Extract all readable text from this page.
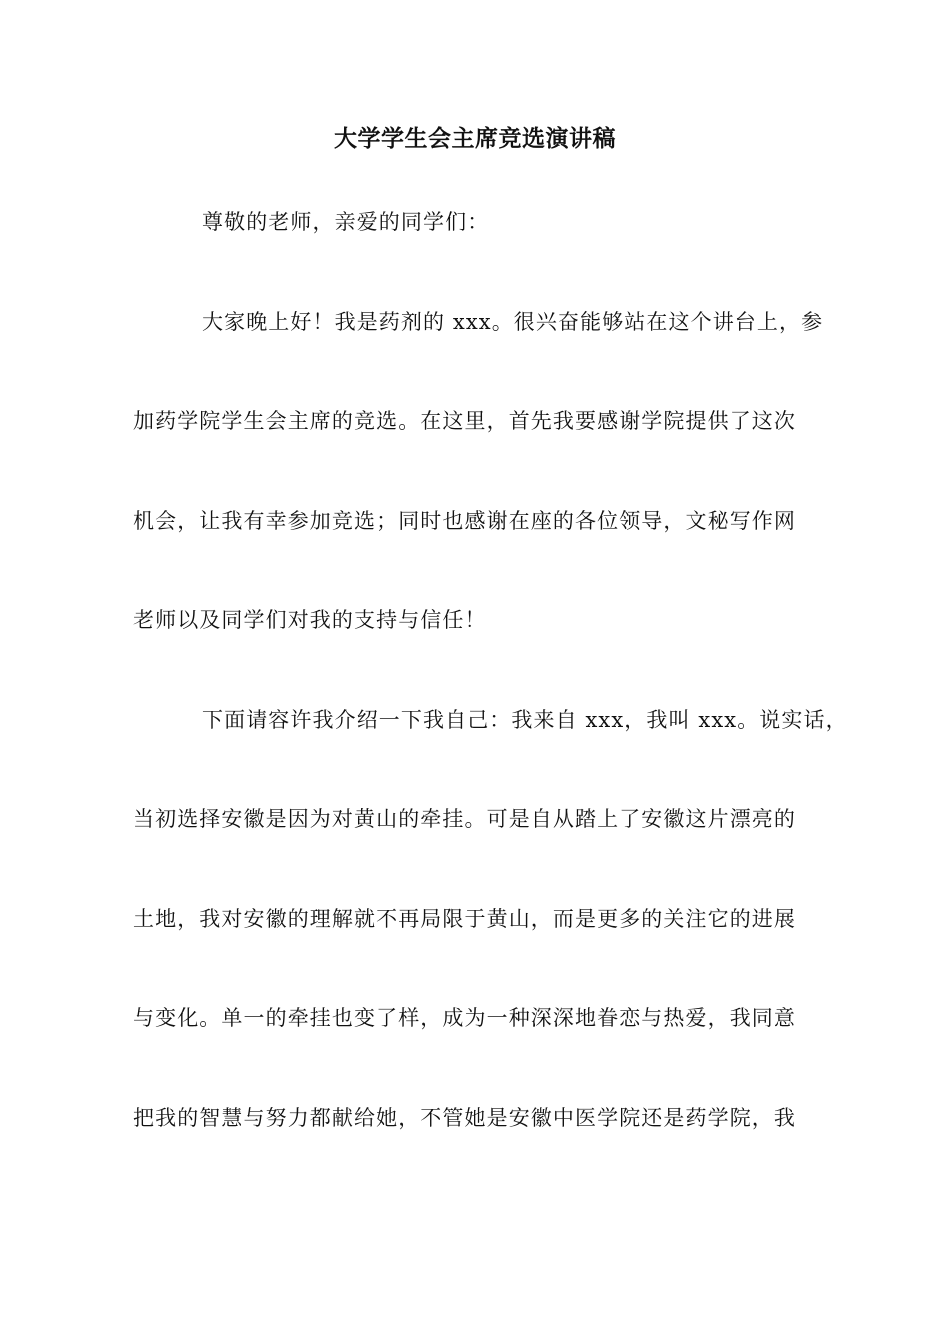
大学学生会主席竞选演讲稿

尊敬的老师，亲爱的同学们：

大家晚上好！我是药剂的 xxx。很兴奋能够站在这个讲台上，参

加药学院学生会主席的竞选。在这里，首先我要感谢学院提供了这次

机会，让我有幸参加竞选；同时也感谢在座的各位领导，文秘写作网

老师以及同学们对我的支持与信任！

下面请容许我介绍一下我自己：我来自 xxx，我叫 xxx。说实话，

当初选择安徽是因为对黄山的牵挂。可是自从踏上了安徽这片漂亮的

土地，我对安徽的理解就不再局限于黄山，而是更多的关注它的进展

与变化。单一的牵挂也变了样，成为一种深深地眷恋与热爱，我同意

把我的智慧与努力都献给她，不管她是安徽中医学院还是药学院，我
